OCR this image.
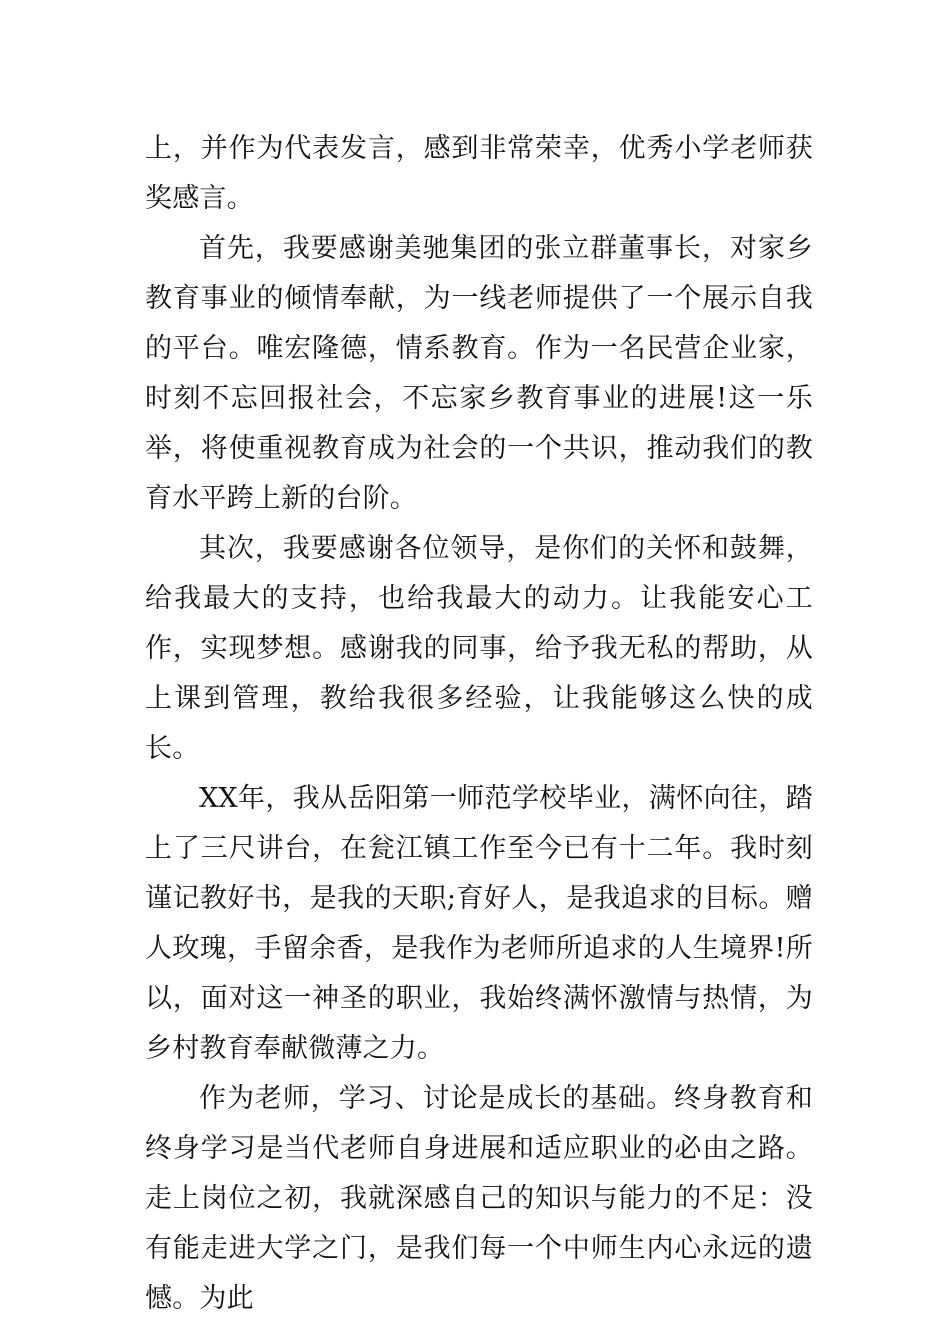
上，并作为代表发言，感到非常荣幸，优秀小学老师获奖感言。

首先，我要感谢美驰集团的张立群董事长，对家乡教育事业的倾情奉献，为一线老师提供了一个展示自我的平台。唯宏隆德，情系教育。作为一名民营企业家，时刻不忘回报社会，不忘家乡教育事业的进展!这一乐举，将使重视教育成为社会的一个共识，推动我们的教育水平跨上新的台阶。

其次，我要感谢各位领导，是你们的关怀和鼓舞，给我最大的支持，也给我最大的动力。让我能安心工作，实现梦想。感谢我的同事，给予我无私的帮助，从上课到管理，教给我很多经验，让我能够这么快的成长。

XX年，我从岳阳第一师范学校毕业，满怀向往，踏上了三尺讲台，在瓮江镇工作至今已有十二年。我时刻谨记教好书，是我的天职;育好人，是我追求的目标。赠人玫瑰，手留余香，是我作为老师所追求的人生境界!所以，面对这一神圣的职业，我始终满怀激情与热情，为乡村教育奉献微薄之力。

作为老师，学习、讨论是成长的基础。终身教育和终身学习是当代老师自身进展和适应职业的必由之路。走上岗位之初，我就深感自己的知识与能力的不足：没有能走进大学之门，是我们每一个中师生内心永远的遗憾。为此
